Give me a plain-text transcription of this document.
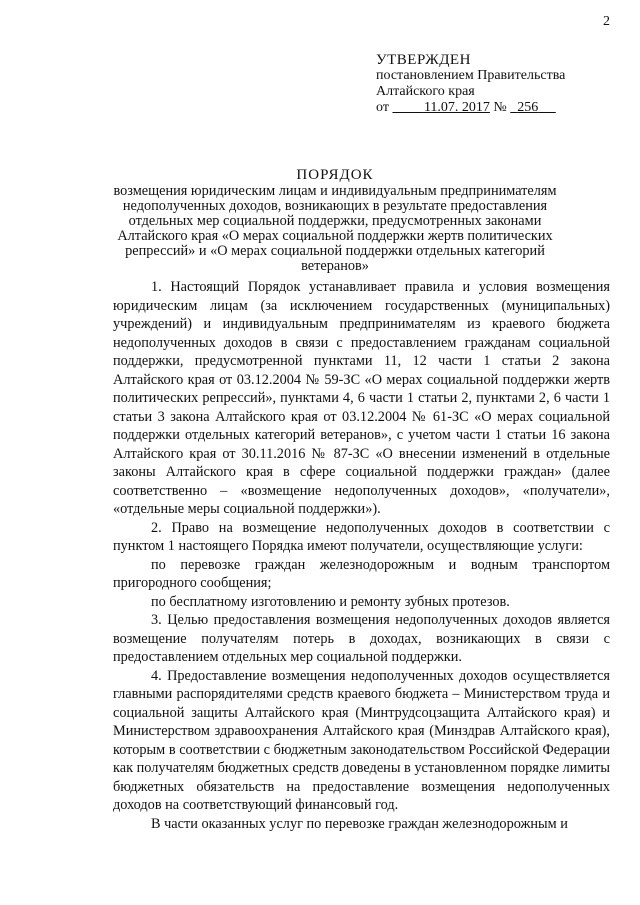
2
УТВЕРЖДЕН
постановлением Правительства
Алтайского края
от	11.07. 2017 № 256
ПОРЯДОК
возмещения юридическим лицам и индивидуальным предпринимателям недополученных доходов, возникающих в результате предоставления отдельных мер социальной поддержки, предусмотренных законами Алтайского края «О мерах социальной поддержки жертв политических репрессий» и «О мерах социальной поддержки отдельных категорий ветеранов»

1. Настоящий Порядок устанавливает правила и условия возмещения юридическим лицам (за исключением государственных (муниципальных) учреждений) и индивидуальным предпринимателям из краевого бюджета недополученных доходов в связи с предоставлением гражданам социальной поддержки, предусмотренной пунктами 11, 12 части 1 статьи 2 закона Алтайского края от 03.12.2004 № 59-ЗС «О мерах социальной поддержки жертв политических репрессий», пунктами 4, 6 части 1 статьи 2, пунктами 2, 6 части 1 статьи 3 закона Алтайского края от 03.12.2004 № 61-ЗС «О мерах социальной поддержки отдельных категорий ветеранов», с учетом части 1 статьи 16 закона Алтайского края от 30.11.2016 № 87-ЗС «О внесении изменений в отдельные законы Алтайского края в сфере социальной поддержки граждан» (далее соответственно – «возмещение недополученных доходов», «получатели», «отдельные меры социальной поддержки»).

2. Право на возмещение недополученных доходов в соответствии с пунктом 1 настоящего Порядка имеют получатели, осуществляющие услуги:

по перевозке граждан железнодорожным и водным транспортом пригородного сообщения;

по бесплатному изготовлению и ремонту зубных протезов.

3. Целью предоставления возмещения недополученных доходов является возмещение получателям потерь в доходах, возникающих в связи с предоставлением отдельных мер социальной поддержки.

4. Предоставление возмещения недополученных доходов осуществляется главными распорядителями средств краевого бюджета – Министерством труда и социальной защиты Алтайского края (Минтрудсоцзащита Алтайского края) и Министерством здравоохранения Алтайского края (Минздрав Алтайского края), которым в соответствии с бюджетным законодательством Российской Федерации как получателям бюджетных средств доведены в установленном порядке лимиты бюджетных обязательств на предоставление возмещения недополученных доходов на соответствующий финансовый год.

В части оказанных услуг по перевозке граждан железнодорожным и
